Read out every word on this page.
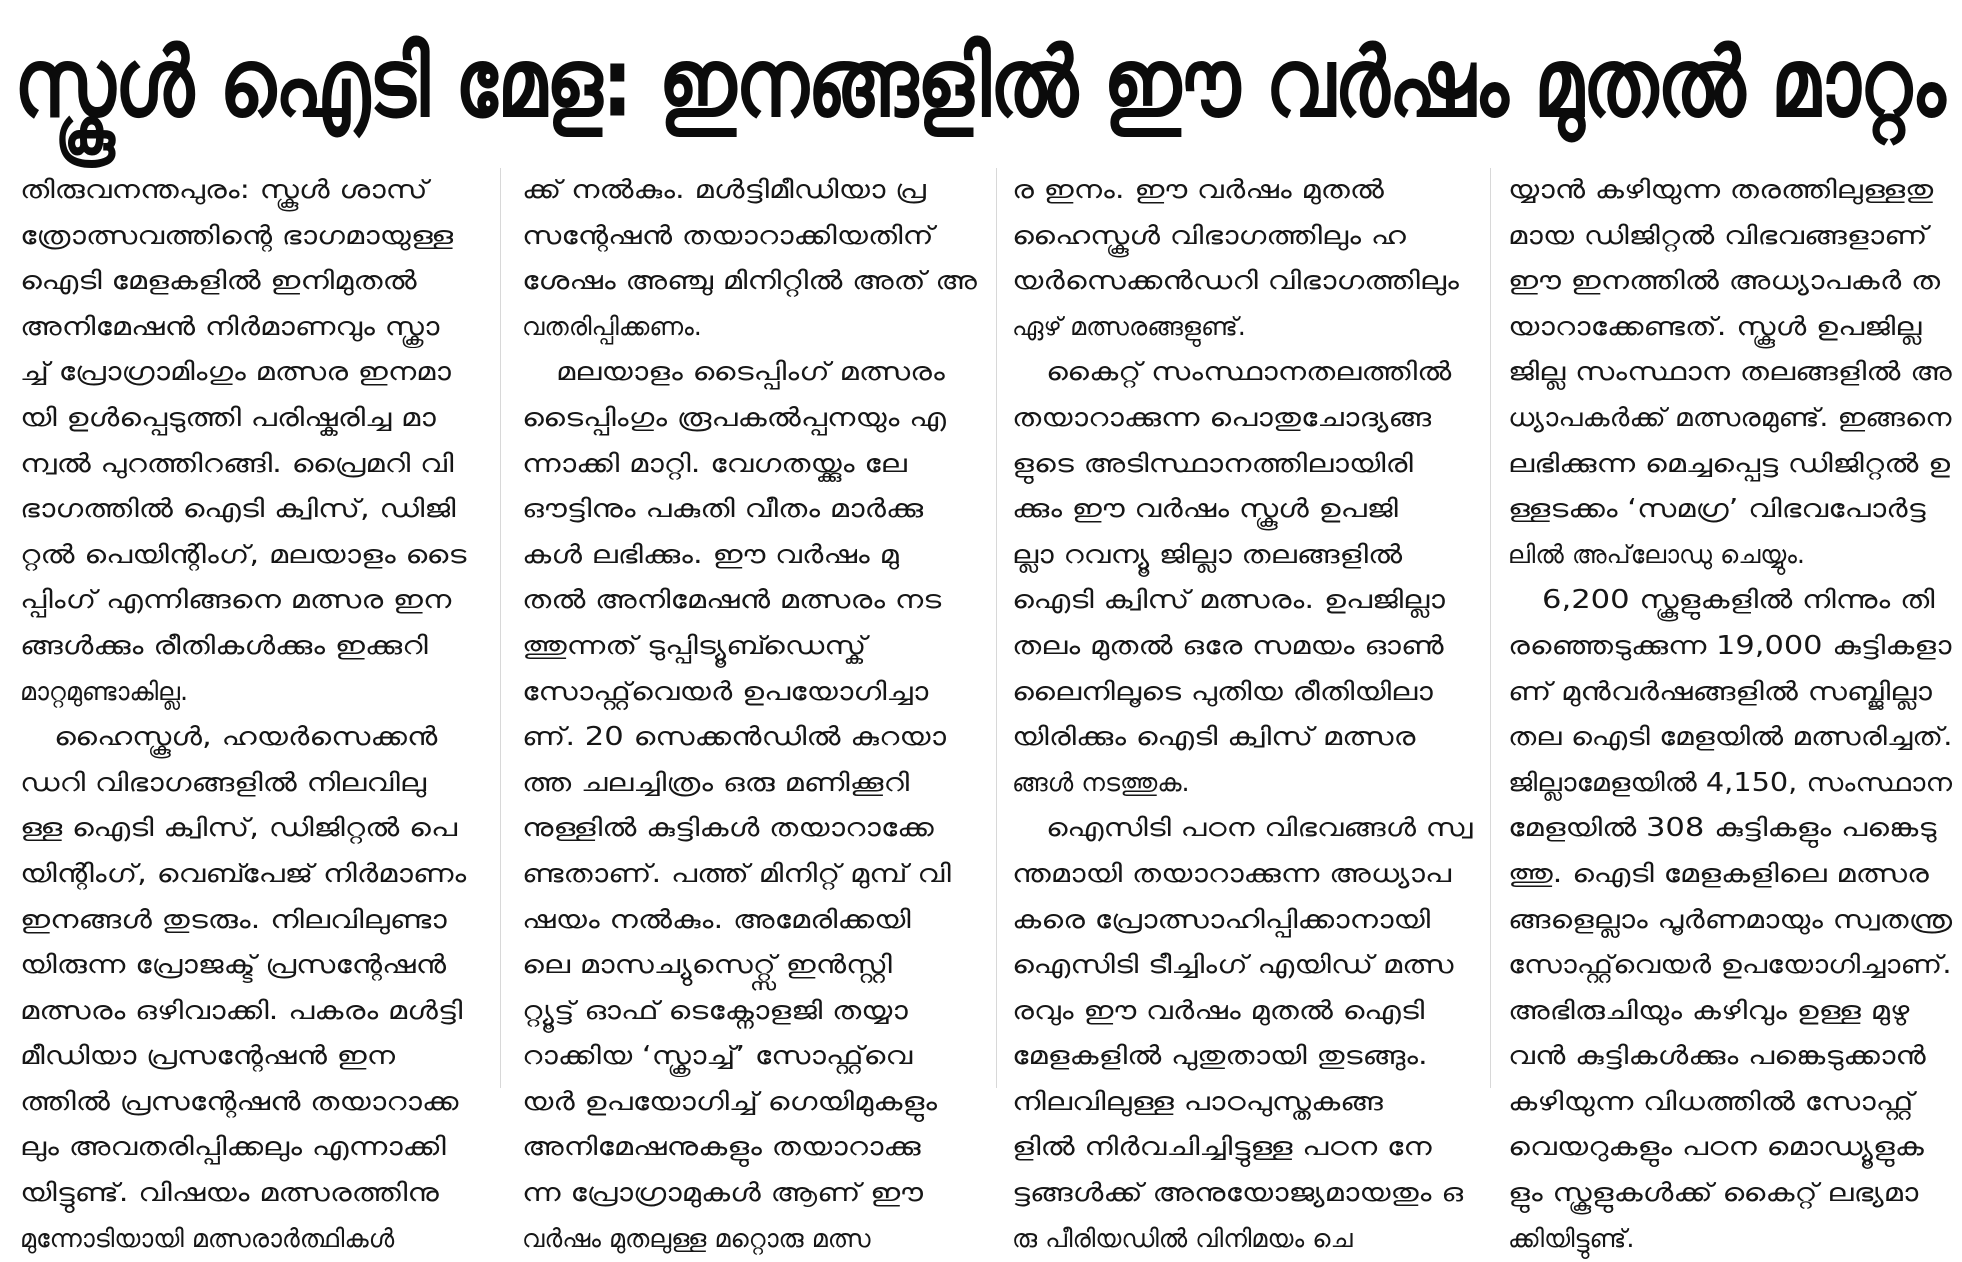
സ്കൂൾ ഐടി മേള: ഇനങ്ങളിൽ ഈ വർഷം മുതൽ മാറ്റം
തിരുവനന്തപുരം: സ്കൂൾ ശാസ്
ത്രോത്സവത്തിന്റെ ഭാഗമായുള്ള
ഐടി മേളകളിൽ ഇനിമുതൽ
അനിമേഷൻ നിർമാണവും സ്ക്രാ
ച്ച് പ്രോഗ്രാമിംഗും മത്സര ഇനമാ
യി ഉൾപ്പെടുത്തി പരിഷ്കരിച്ച മാ
ന്വൽ പുറത്തിറങ്ങി. പ്രൈമറി വി
ഭാഗത്തിൽ ഐടി ക്വിസ്, ഡിജി
റ്റൽ പെയിന്റിംഗ്, മലയാളം ടൈ
പ്പിംഗ് എന്നിങ്ങനെ മത്സര ഇന
ങ്ങൾക്കും രീതികൾക്കും ഇക്കുറി
മാറ്റമുണ്ടാകില്ല.
ഹൈസ്കൂൾ, ഹയർസെക്കൻ
ഡറി വിഭാഗങ്ങളിൽ നിലവിലു
ള്ള ഐടി ക്വിസ്, ഡിജിറ്റൽ പെ
യിന്റിംഗ്, വെബ്പേജ് നിർമാണം
ഇനങ്ങൾ തുടരും. നിലവിലുണ്ടാ
യിരുന്ന പ്രോജക്ട് പ്രസന്റേഷൻ
മത്സരം ഒഴിവാക്കി. പകരം മൾട്ടി
മീഡിയാ പ്രസന്റേഷൻ ഇന
ത്തിൽ പ്രസന്റേഷൻ തയാറാക്ക
ലും അവതരിപ്പിക്കലും എന്നാക്കി
യിട്ടുണ്ട്. വിഷയം മത്സരത്തിനു
മുന്നോടിയായി മത്സരാർത്ഥികൾ
ക്ക് നൽകും. മൾട്ടിമീഡിയാ പ്ര
സന്റേഷൻ തയാറാക്കിയതിന്
ശേഷം അഞ്ചു മിനിറ്റിൽ അത് അ
വതരിപ്പിക്കണം.
മലയാളം ടൈപ്പിംഗ് മത്സരം
ടൈപ്പിംഗും രൂപകൽപ്പനയും എ
ന്നാക്കി മാറ്റി. വേഗതയ്ക്കും ലേ
ഔട്ടിനും പകുതി വീതം മാർക്കു
കൾ ലഭിക്കും. ഈ വർഷം മു
തൽ അനിമേഷൻ മത്സരം നട
ത്തുന്നത് ടുപ്പിട്യൂബ്ഡെസ്ക്
സോഫ്റ്റ്‌വെയർ ഉപയോഗിച്ചാ
ണ്. 20 സെക്കൻഡിൽ കുറയാ
ത്ത ചലച്ചിത്രം ഒരു മണിക്കൂറി
നുള്ളിൽ കുട്ടികൾ തയാറാക്കേ
ണ്ടതാണ്. പത്ത് മിനിറ്റ് മുമ്പ് വി
ഷയം നൽകും. അമേരിക്കയി
ലെ മാസച്യുസെറ്റ്സ് ഇൻസ്റ്റി
റ്റ്യൂട്ട് ഓഫ് ടെക്നോളജി തയ്യാ
റാക്കിയ ‘സ്ക്രാച്ച്’ സോഫ്റ്റ്‌വെ
യർ ഉപയോഗിച്ച് ഗെയിമുകളും
അനിമേഷനുകളും തയാറാക്കു
ന്ന പ്രോഗ്രാമുകൾ ആണ് ഈ
വർഷം മുതലുള്ള മറ്റൊരു മത്സ
ര ഇനം. ഈ വർഷം മുതൽ
ഹൈസ്കൂൾ വിഭാഗത്തിലും ഹ
യർസെക്കൻഡറി വിഭാഗത്തിലും
ഏഴ് മത്സരങ്ങളുണ്ട്.
കൈറ്റ് സംസ്ഥാനതലത്തിൽ
തയാറാക്കുന്ന പൊതുചോദ്യങ്ങ
ളുടെ അടിസ്ഥാനത്തിലായിരി
ക്കും ഈ വർഷം സ്കൂൾ ഉപജി
ല്ലാ റവന്യൂ ജില്ലാ തലങ്ങളിൽ
ഐടി ക്വിസ് മത്സരം. ഉപജില്ലാ
തലം മുതൽ ഒരേ സമയം ഓൺ
ലൈനിലൂടെ പുതിയ രീതിയിലാ
യിരിക്കും ഐടി ക്വിസ് മത്സര
ങ്ങൾ നടത്തുക.
ഐസിടി പഠന വിഭവങ്ങൾ സ്വ
ന്തമായി തയാറാക്കുന്ന അധ്യാപ
കരെ പ്രോത്സാഹിപ്പിക്കാനായി
ഐസിടി ടീച്ചിംഗ് എയിഡ് മത്സ
രവും ഈ വർഷം മുതൽ ഐടി
മേളകളിൽ പുതുതായി തുടങ്ങും.
നിലവിലുള്ള പാഠപുസ്തകങ്ങ
ളിൽ നിർവചിച്ചിട്ടുള്ള പഠന നേ
ട്ടങ്ങൾക്ക് അനുയോജ്യമായതും ഒ
രു പീരിയഡിൽ വിനിമയം ചെ
യ്യാൻ കഴിയുന്ന തരത്തിലുള്ളതു
മായ ഡിജിറ്റൽ വിഭവങ്ങളാണ്
ഈ ഇനത്തിൽ അധ്യാപകർ ത
യാറാക്കേണ്ടത്. സ്കൂൾ ഉപജില്ല
ജില്ല സംസ്ഥാന തലങ്ങളിൽ അ
ധ്യാപകർക്ക് മത്സരമുണ്ട്. ഇങ്ങനെ
ലഭിക്കുന്ന മെച്ചപ്പെട്ട ഡിജിറ്റൽ ഉ
ള്ളടക്കം ‘സമഗ്ര’ വിഭവപോർട്ട
ലിൽ അപ്‌ലോഡു ചെയ്യും.
6,200 സ്കൂളുകളിൽ നിന്നും തി
രഞ്ഞെടുക്കുന്ന 19,000 കുട്ടികളാ
ണ് മുൻവർഷങ്ങളിൽ സബ്ജില്ലാ
തല ഐടി മേളയിൽ മത്സരിച്ചത്.
ജില്ലാമേളയിൽ 4,150, സംസ്ഥാന
മേളയിൽ 308 കുട്ടികളും പങ്കെടു
ത്തു. ഐടി മേളകളിലെ മത്സര
ങ്ങളെല്ലാം പൂർണമായും സ്വതന്ത്ര
സോഫ്റ്റ്‌വെയർ ഉപയോഗിച്ചാണ്.
അഭിരുചിയും കഴിവും ഉള്ള മുഴു
വൻ കുട്ടികൾക്കും പങ്കെടുക്കാൻ
കഴിയുന്ന വിധത്തിൽ സോഫ്റ്റ്
വെയറുകളും പഠന മൊഡ്യൂളുക
ളും സ്കൂളുകൾക്ക് കൈറ്റ് ലഭ്യമാ
ക്കിയിട്ടുണ്ട്.
